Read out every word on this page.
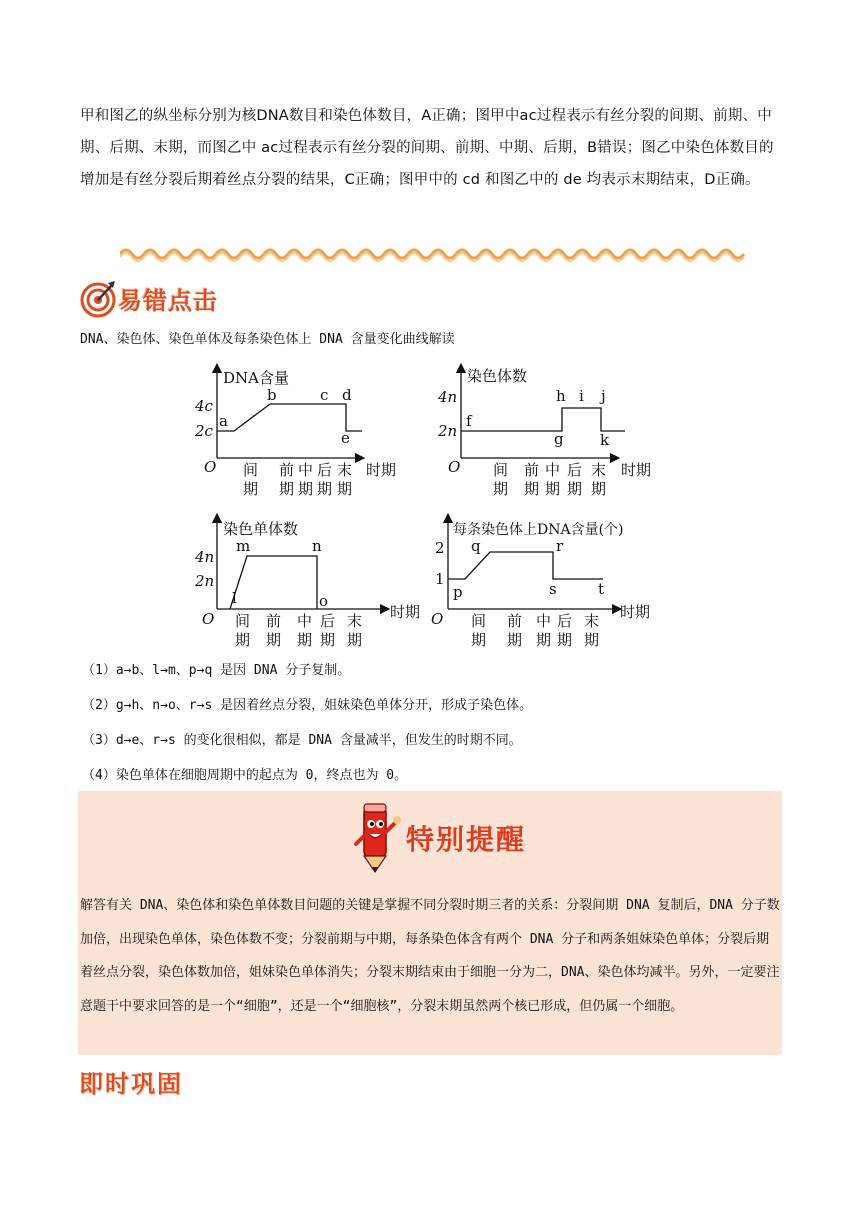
甲和图乙的纵坐标分别为核DNA数目和染色体数目，A正确；图甲中ac过程表示有丝分裂的间期、前期、中期、后期、末期，而图乙中 ac过程表示有丝分裂的间期、前期、中期、后期，B错误；图乙中染色体数目的增加是有丝分裂后期着丝点分裂的结果，C正确；图甲中的 cd 和图乙中的 de 均表示末期结束，D正确。
易错点击
DNA、染色体、染色单体及每条染色体上 DNA 含量变化曲线解读
DNA含量
4c
2c
O
a
b	c d
e
间
期
前
期
中
期
后
期
末
期
时期
染色体数
4n
2n
O
f
g
h i j
k
间
期
前
期
中
期
后
期
末
期
时期
染色单体数
4n
2n
O
l
m	n
o
间
期
前
期
中
期
后
期
末
期
时期
每条染色体上DNA含量(个)
2
1
O
p
q	r
s	t
间
期
前
期
中
期
后
期
末
期
时期
（1）a→b、l→m、p→q 是因 DNA 分子复制。
（2）g→h、n→o、r→s 是因着丝点分裂，姐妹染色单体分开，形成子染色体。
（3）d→e、r→s 的变化很相似，都是 DNA 含量减半，但发生的时期不同。
（4）染色单体在细胞周期中的起点为 0，终点也为 0。
特别提醒
解答有关 DNA、染色体和染色单体数目问题的关键是掌握不同分裂时期三者的关系：分裂间期 DNA 复制后，DNA 分子数加倍，出现染色单体，染色体数不变；分裂前期与中期，每条染色体含有两个 DNA 分子和两条姐妹染色单体；分裂后期着丝点分裂，染色体数加倍，姐妹染色单体消失；分裂末期结束由于细胞一分为二，DNA、染色体均减半。另外，一定要注意题干中要求回答的是一个“细胞”，还是一个“细胞核”，分裂末期虽然两个核已形成，但仍属一个细胞。
即时巩固
